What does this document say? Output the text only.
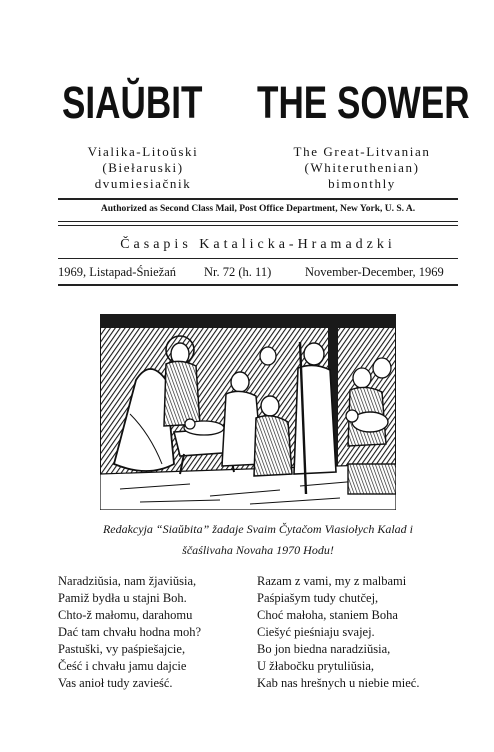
SIAŬBIT THE SOWER
Vialika-Litoŭski
(Biełaruski)
dvumiesiačnik
The Great-Litvanian
(Whiteruthenian)
bimonthly
Authorized as Second Class Mail, Post Office Department, New York, U. S. A.
Časapis Katalicka-Hramadzki
1969, Listapad-Śniežań Nr. 72 (h. 11)	November-December, 1969
Redakcyja “Siaŭbita” žadaje Svaim Čytačom Viasiołych Kalad i
ščaślivaha Novaha 1970 Hodu!
Naradziŭsia, nam žjaviŭsia,
Pamiž bydła u stajni Boh.
Chto-ž małomu, darahomu
Dać tam chvału hodna moh?
Pastuški, vy paśpiešajcie,
Čeść i chvału jamu dajcie
Vas anioł tudy zavieść.
Razam z vami, my z malbami
Paśpiašym tudy chutčej,
Choć małoha, staniem Boha
Ciešyć pieśniaju svajej.
Bo jon biedna naradziŭsia,
U žłabočku prytuliŭsia,
Kab nas hrešnych u niebie mieć.
